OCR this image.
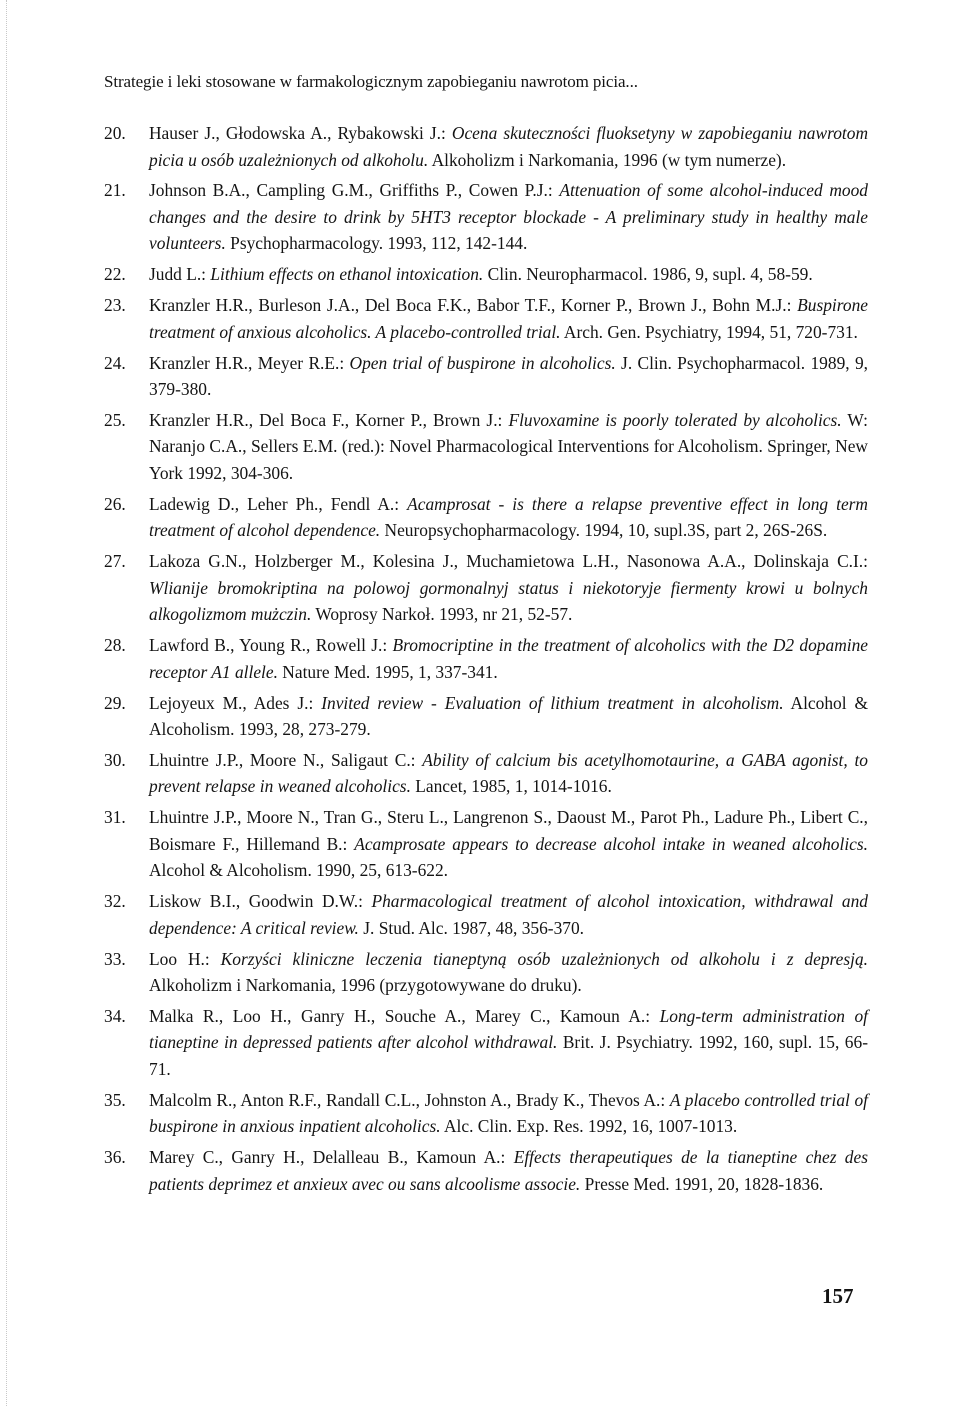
Strategie i leki stosowane w farmakologicznym zapobieganiu nawrotom picia...
20.	Hauser J., Głodowska A., Rybakowski J.: Ocena skuteczności fluoksetyny w zapobieganiu nawrotom picia u osób uzależnionych od alkoholu. Alkoholizm i Narkomania, 1996 (w tym numerze).
21.	Johnson B.A., Campling G.M., Griffiths P., Cowen P.J.: Attenuation of some alcohol-induced mood changes and the desire to drink by 5HT3 receptor blockade - A preliminary study in healthy male volunteers. Psychopharmacology. 1993, 112, 142-144.
22.	Judd L.: Lithium effects on ethanol intoxication. Clin. Neuropharmacol. 1986, 9, supl. 4, 58-59.
23.	Kranzler H.R., Burleson J.A., Del Boca F.K., Babor T.F., Korner P., Brown J., Bohn M.J.: Buspirone treatment of anxious alcoholics. A placebo-controlled trial. Arch. Gen. Psychiatry, 1994, 51, 720-731.
24.	Kranzler H.R., Meyer R.E.: Open trial of buspirone in alcoholics. J. Clin. Psychopharmacol. 1989, 9, 379-380.
25.	Kranzler H.R., Del Boca F., Korner P., Brown J.: Fluvoxamine is poorly tolerated by alcoholics. W: Naranjo C.A., Sellers E.M. (red.): Novel Pharmacological Interventions for Alcoholism. Springer, New York 1992, 304-306.
26.	Ladewig D., Leher Ph., Fendl A.: Acamprosat - is there a relapse preventive effect in long term treatment of alcohol dependence. Neuropsychopharmacology. 1994, 10, supl.3S, part 2, 26S-26S.
27.	Lakoza G.N., Holzberger M., Kolesina J., Muchamietowa L.H., Nasonowa A.A., Dolinskaja C.I.: Wlianije bromokriptina na polowoj gormonalnyj status i niekotoryje fiermenty krowi u bolnych alkogolizmom mużczin. Woprosy Narkoł. 1993, nr 21, 52-57.
28.	Lawford B., Young R., Rowell J.: Bromocriptine in the treatment of alcoholics with the D2 dopamine receptor A1 allele. Nature Med. 1995, 1, 337-341.
29.	Lejoyeux M., Ades J.: Invited review - Evaluation of lithium treatment in alcoholism. Alcohol & Alcoholism. 1993, 28, 273-279.
30.	Lhuintre J.P., Moore N., Saligaut C.: Ability of calcium bis acetylhomotaurine, a GABA agonist, to prevent relapse in weaned alcoholics. Lancet, 1985, 1, 1014-1016.
31.	Lhuintre J.P., Moore N., Tran G., Steru L., Langrenon S., Daoust M., Parot Ph., Ladure Ph., Libert C., Boismare F., Hillemand B.: Acamprosate appears to decrease alcohol intake in weaned alcoholics. Alcohol & Alcoholism. 1990, 25, 613-622.
32.	Liskow B.I., Goodwin D.W.: Pharmacological treatment of alcohol intoxication, withdrawal and dependence: A critical review. J. Stud. Alc. 1987, 48, 356-370.
33.	Loo H.: Korzyści kliniczne leczenia tianeptyną osób uzależnionych od alkoholu i z depresją. Alkoholizm i Narkomania, 1996 (przygotowywane do druku).
34.	Malka R., Loo H., Ganry H., Souche A., Marey C., Kamoun A.: Long-term administration of tianeptine in depressed patients after alcohol withdrawal. Brit. J. Psychiatry. 1992, 160, supl. 15, 66-71.
35.	Malcolm R., Anton R.F., Randall C.L., Johnston A., Brady K., Thevos A.: A placebo controlled trial of buspirone in anxious inpatient alcoholics. Alc. Clin. Exp. Res. 1992, 16, 1007-1013.
36.	Marey C., Ganry H., Delalleau B., Kamoun A.: Effects therapeutiques de la tianeptine chez des patients deprimez et anxieux avec ou sans alcoolisme associe. Presse Med. 1991, 20, 1828-1836.
157
